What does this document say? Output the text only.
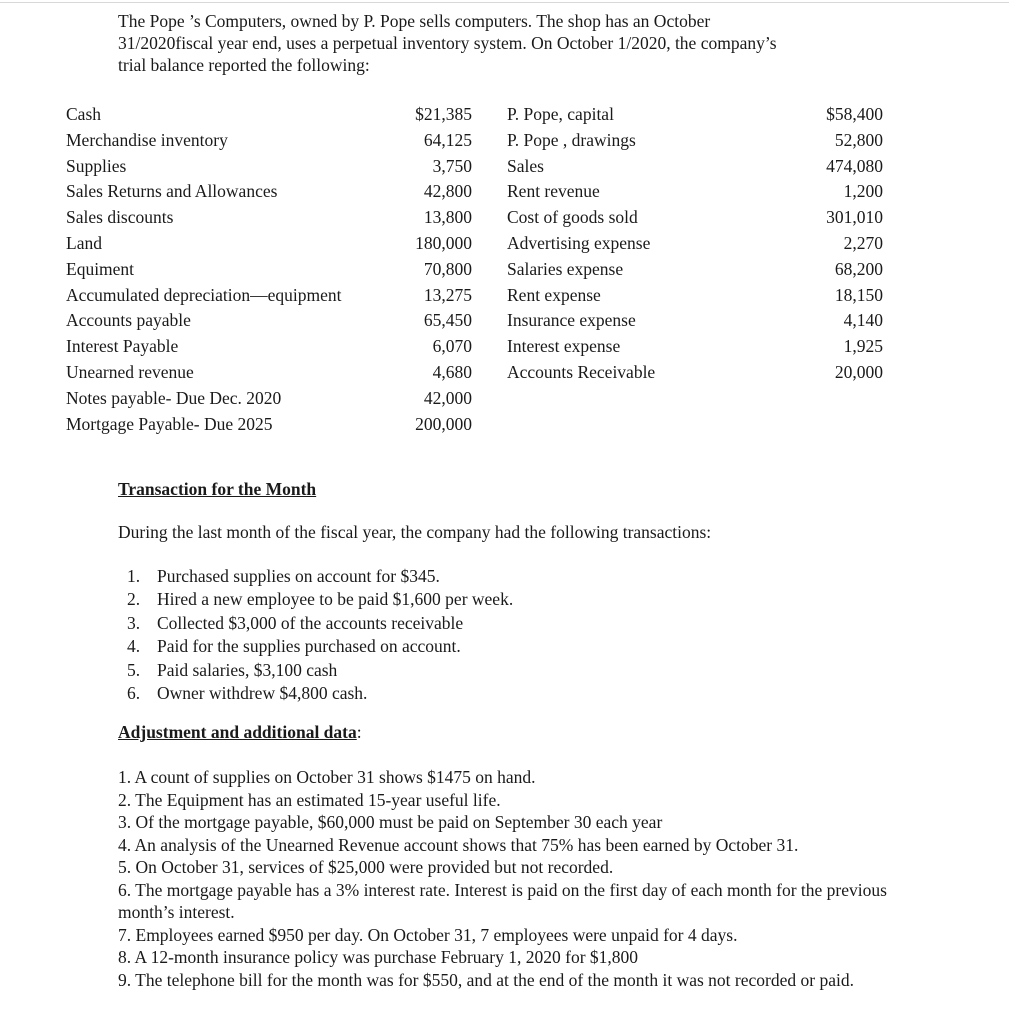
The Pope ’s Computers, owned by P. Pope sells computers. The shop has an October
31/2020fiscal year end, uses a perpetual inventory system. On October 1/2020, the company’s
trial balance reported the following:
Cash	$21,385
Merchandise inventory	64,125
Supplies	3,750
Sales Returns and Allowances	42,800
Sales discounts	13,800
Land	180,000
Equiment	70,800
Accumulated depreciation—equipment	13,275
Accounts payable	65,450
Interest Payable	6,070
Unearned revenue	4,680
Notes payable- Due Dec. 2020	42,000
Mortgage Payable- Due 2025	200,000
P. Pope, capital	$58,400
P. Pope , drawings	52,800
Sales	474,080
Rent revenue	1,200
Cost of goods sold	301,010
Advertising expense	2,270
Salaries expense	68,200
Rent expense	18,150
Insurance expense	4,140
Interest expense	1,925
Accounts Receivable	20,000
Transaction for the Month
During the last month of the fiscal year, the company had the following transactions:
1. Purchased supplies on account for $345.
2. Hired a new employee to be paid $1,600 per week.
3. Collected $3,000 of the accounts receivable
4. Paid for the supplies purchased on account.
5. Paid salaries, $3,100 cash
6. Owner withdrew $4,800 cash.
Adjustment and additional data:
1. A count of supplies on October 31 shows $1475 on hand.
2. The Equipment has an estimated 15-year useful life.
3. Of the mortgage payable, $60,000 must be paid on September 30 each year
4. An analysis of the Unearned Revenue account shows that 75% has been earned by October 31.
5. On October 31, services of $25,000 were provided but not recorded.
6. The mortgage payable has a 3% interest rate. Interest is paid on the first day of each month for the previous month’s interest.
7. Employees earned $950 per day. On October 31, 7 employees were unpaid for 4 days.
8. A 12-month insurance policy was purchase February 1, 2020 for $1,800
9. The telephone bill for the month was for $550, and at the end of the month it was not recorded or paid.
